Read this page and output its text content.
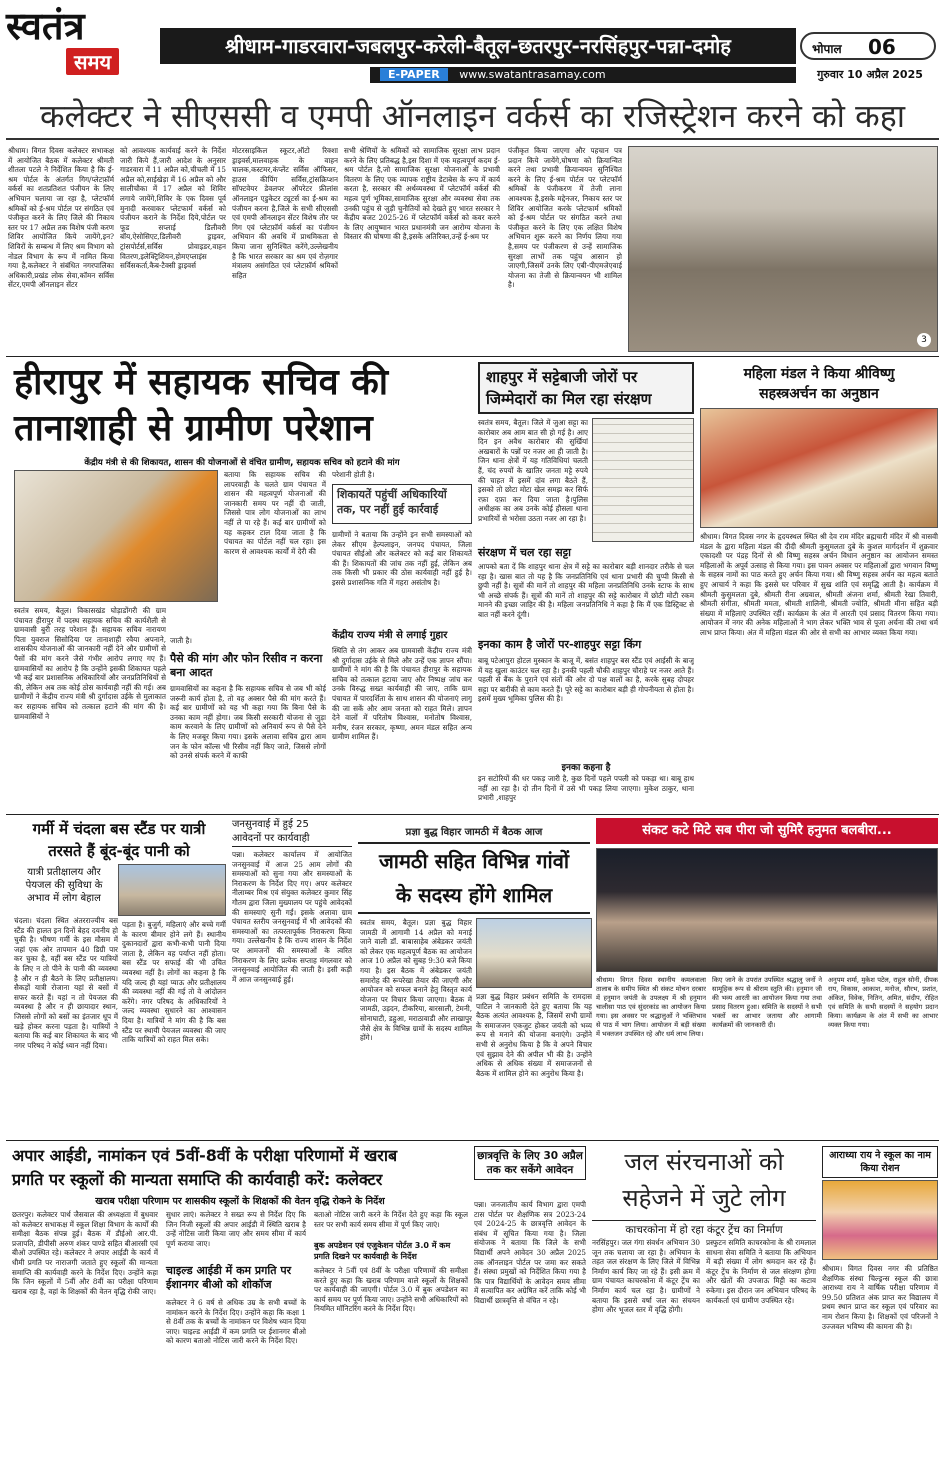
स्वतंत्र
समय
श्रीधाम-गाडरवारा-जबलपुर-करेली-बैतूल-छतरपुर-नरसिंहपुर-पन्ना-दमोह	भोपाल 06
E-PAPER www.swatantrasamay.com	गुरुवार 10 अप्रैल 2025
कलेक्टर ने सीएससी व एमपी ऑनलाइन वर्कर्स का रजिस्ट्रेशन करने को कहा
श्रीधाम। विगत दिवस कलेक्टर सभाकक्ष में आयोजित बैठक में कलेक्टर श्रीमती शीतला पटले ने निर्देशित किया है कि ई-श्रम पोर्टल के अंतर्गत गिग/प्लेटफ़ॉर्म वर्कर्स का शतप्रतिशत पंजीयन के लिए अभियान चलाया जा रहा है, प्लेटफॉर्म श्रमिकों को ई-श्रम पोर्टल पर संगठित एवं पंजीकृत करने के लिए जिले की निकाय स्तर पर 17 अप्रैल तक विशेष पंजी करण शिविर आयोजित किये जायेंगे,इन? शिविरों के सम्बन्ध में लिए श्रम विभाग को नोडल विभाग के रूप में नामित किया गया है,कलेक्टर ने संबंधित नगरपालिका अधिकारी,प्रखंड लोक सेवा,कॉमन सर्विस सेंटर,एमपी ऑनलाइन सेंटर
को आवश्यक कार्यवाई करने के निर्देश जारी किये हैं,जारी आदेश के अनुसार गाडरवारा में 11 अप्रैल को,चीचली में 15 अप्रैल को,साईखेड़ा में 16 अप्रैल को और सालीचौका में 17 अप्रैल को शिविर लगाये जायेंगे,शिविर के एक दिवस पूर्व मुनादी करवाकर प्लेटफार्म वर्कर्स को पंजीयन कराने के निर्देश दिये,पोर्टल पर फूड सप्लाई डिलीवरी बॉय,ऐसोसिएट,डिलीवरी ड्राइवर, ट्रांसपोर्टर्स,सर्विस प्रोवाइडर,वाहन वितरण,इलेक्ट्रिशियन,होमएप्लाइंस सर्विसकर्ता,कैब-टैक्सी ड्राइवर्स
मोटरसाइकिल स्कूटर,ऑटो रिक्शा ड्राइवर्स,मालवाहक के वाहन चालक,कस्टमर,कंप्लेंट सर्विस ऑफिसर, हाउस कीपिंग सर्विस,ट्रांसक्रिप्शन सॉफ्टवेयर डेवलपर ऑपरेटर फ्रीलांस ऑनलाइन एडुकेटर ट्यूटर्स का ई-श्रम का पंजीयन करना है,जिले के सभी सीएससी एवं एमपी ऑनलाइन सेंटर विशेष तौर पर गिग एवं प्लेटफ़ॉर्म वर्कर्स का पंजीयन अभियान की अवधि में प्राथमिकता से किया जाना सुनिश्चित करेंगे,उल्लेखनीय है कि भारत सरकार का श्रम एवं रोज़गार मंत्रालय असंगठित एवं प्लेटफ़ॉर्म श्रमिकों सहित
सभी श्रेणियों के श्रमिकों को सामाजिक सुरक्षा लाभ प्रदान करने के लिए प्रतिबद्ध है,इस दिशा में एक महत्वपूर्ण कदम ई-श्रम पोर्टल है,जो सामाजिक सुरक्षा योजनाओं के प्रभावी वितरण के लिए एक व्यापक राष्ट्रीय डेटाबेस के रूप में कार्य करता है, सरकार की अर्थव्यवस्था में प्लेटफॉर्म वर्कर्स की महत्व पूर्ण भूमिका,सामाजिक सुरक्षा और व्यवस्था सेवा तक उनकी पहुंच से जुड़ी चुनौतियों को देखते हुए भारत सरकार ने केंद्रीय बजट 2025-26 में प्लेटफॉर्म वर्कर्स को कवर करने के लिए आयुष्मान भारत प्रधानमंत्री जन आरोग्य योजना के विस्तार की घोषणा की है,इसके अतिरिक्त,उन्हें ई-श्रम पर
पंजीकृत किया जाएगा और पहचान पत्र प्रदान किये जायेंगे,घोषणा को क्रियान्वित करने तथा प्रभावी क्रियान्वयन सुनिश्चित करने के लिए ई-श्रम पोर्टल पर प्लेटफॉर्म श्रमिकों के पंजीकरण में तेजी लाना आवश्यक है,इसके मद्देनजर, निकाय स्तर पर शिविर आयोजित करके प्लेटफार्म श्रमिकों को ई-श्रम पोर्टल पर संगठित करने तथा पंजीकृत करने के लिए एक लक्षित विशेष अभियान शुरू करने का निर्णय लिया गया है,समय पर पंजीकरण से उन्हें सामाजिक सुरक्षा लाभों तक पहुंच आसान हो जाएगी,जिसमें उनके लिए एबी-पीएमजेएवाई योजना का तेजी से क्रियान्वयन भी शामिल है।
3
हीरापुर में सहायक सचिव की
तानाशाही से ग्रामीण परेशान
केंद्रीय मंत्री से की शिकायत, शासन की योजनाओं से वंचित ग्रामीण, सहायक सचिव को हटाने की मांग
बताया कि सहायक सचिव की लापरवाही के चलते ग्राम पंचायत में शासन की महत्वपूर्ण योजनाओं की जानकारी समय पर नहीं दी जाती, जिससे पात्र लोग योजनाओं का लाभ नहीं ले पा रहे हैं। कई बार ग्रामीणों को यह कहकर टाल दिया जाता है कि पंचायत का पोर्टल नहीं चल रहा। इस कारण से आवश्यक कार्यों में देरी की
स्वतंत्र समय, बैतूल। विकासखंड घोड़ाडोंगरी की ग्राम पंचायत हीरापुर में पदस्थ सहायक सचिव की कार्यशैली से ग्रामवासी बुरी तरह परेशान हैं। सहायक सचिव नारायण पिता युवराज सिसोदिया पर तानाशाही रवैया अपनाने, शासकीय योजनाओं की जानकारी नहीं देने और ग्रामीणों से पैसों की मांग करने जैसे गंभीर आरोप लगाए गए हैं। ग्रामवासियों का आरोप है कि उन्होंने इसकी शिकायत पहले भी कई बार प्रशासनिक अधिकारियों और जनप्रतिनिधियों से की, लेकिन अब तक कोई ठोस कार्यवाही नहीं की गई। अब ग्रामीणों ने केंद्रीय राज्य मंत्री श्री दुर्गादास उईके से मुलाकात कर सहायक सचिव को तत्काल हटाने की मांग की है। ग्रामवासियों ने
जाती है।
पैसे की मांग और फोन रिसीव न करना बना आदत
ग्रामवासियों का कहना है कि सहायक सचिव से जब भी कोई जरूरी कार्य होता है, तो वह अक्सर पैसे की मांग करते हैं। कई बार ग्रामीणों को यह भी कहा गया कि बिना पैसे के उनका काम नहीं होगा। जब किसी सरकारी योजना से जुड़ा काम करवाने के लिए ग्रामीणों को अनिवार्य रूप से पैसे देने के लिए मजबूर किया गया। इसके अलावा सचिव द्वारा आम जन के फोन कॉल्स भी रिसीव नहीं किए जाते, जिससे लोगों को उनसे संपर्क करने में काफी
परेशानी होती है।
शिकायतें पहुंचीं अधिकारियों तक, पर नहीं हुई कार्रवाई
ग्रामीणों ने बताया कि उन्होंने इन सभी समस्याओं को लेकर सीएम हेल्पलाइन, जनपद पंचायत, जिला पंचायत सीईओ और कलेक्टर को कई बार शिकायतें की हैं। शिकायतों की जांच तक नहीं हुई, लेकिन अब तक किसी भी प्रकार की ठोस कार्यवाही नहीं हुई है। इससे प्रशासनिक गति में गहरा असंतोष है।
केंद्रीय राज्य मंत्री से लगाई गुहार
स्थिति से तंग आकर अब ग्रामवासी केंद्रीय राज्य मंत्री श्री दुर्गादास उईके से मिले और उन्हें एक ज्ञापन सौंपा। ग्रामीणों ने मांग की है कि पंचायत हीरापुर के सहायक सचिव को तत्काल हटाया जाए और निष्पक्ष जांच कर उनके विरुद्ध सख्त कार्यवाही की जाए, ताकि ग्राम पंचायत में पारदर्शिता के साथ शासन की योजनाएं लागू की जा सकें और आम जनता को राहत मिले। ज्ञापन देने वालों में परितोष विश्वास, मनोतोष विश्वास, मनीष, रंजन सरकार, कृष्णा, अमन मंडल सहित अन्य ग्रामीण शामिल हैं।
शाहपुर में सट्टेबाजी जोरों पर
जिम्मेदारों का मिल रहा संरक्षण
स्वतंत्र समय, बैतूल। जिले में जुआ सट्टा का कारोबार अब आम बात सी हो गई है। आए दिन इन अवैध कारोबार की सुर्खियां अखबारों के पन्नों पर नजर आ ही जाती है। जिन थाना क्षेत्रों में यह गतिविधियां चलती हैं, चंद रुपयों के खातिर जनता मट्टे रुपये की चाहत में इसमें दांव लगा बैठते हैं, इसको तो छोटा मोटा खेल समझ कर सिर्फ रफ़ा दफ़ा कर दिया जाता है।पुलिस अधीक्षक का अब उनके कोई हौसला थाना प्रभारियों से भरोसा उठता नजर आ रहा है।
संरक्षण में चल रहा सट्टा
आपको बता दें कि शाहपुर थाना क्षेत्र में सट्टे का कारोबार बड़ी शानदार तरीके से चल रहा है। खास बात तो यह है कि जनप्रतिनिधि एवं थाना प्रभारी की चुप्पी किसी से छुपी नहीं है। सूत्रों की मानें तो शाहपुर की महिला जनप्रतिनिधि उनके स्टाफ के साथ भी अच्छे संपर्क हैं। सूत्रों की मानें तो शाहपुर की सट्टे कारोबार में छोटी मोटी रकम मानने की इच्छा जाहिर की है। महिला जनप्रतिनिधि ने कहा है कि मैं एक डिस्ट्रिक्ट से बात नहीं करने दूंगी।
इनका काम है जोरों पर-शाहपुर सट्टा किंग
बाबू पटेआपुरा होटल मुस्कान के बाजू में, बसंत शाहपुर बस स्टैंड एवं आईसी के बाजू में यह खुला काउंटर चल रहा है। इनकी पहली चौकी शाहपुर चौराहे पर नजर आते हैं। पहली से बैंक के पुराने एवं संतों की ओर दो पक्ष वालों का है, करके सुबह दोपहर सट्टा पर बारीकी से काम करते हैं। पूरे सट्टे का कारोबार बड़ी ही गोपनीयता से होता है। इसमें मुख्य भूमिका पुलिस की है।
इनका कहना है
इन सटोरियों की धर पकड़ जारी है, कुछ दिनों पहले पपली को पकड़ा था। बाबू हाथ नहीं आ रहा है। दो तीन दिनों में उसे भी पकड़ लिया जाएगा। मुकेश ठाकुर, थाना प्रभारी ,शाहपुर
महिला मंडल ने किया श्रीविष्णु
सहस्त्रअर्चन का अनुष्ठान
श्रीधाम। विगत दिवस नगर के हृदयस्थल स्थित श्री देव राम मंदिर ब्रह्मचारी मंदिर में श्री वासवी मंडल के द्वारा महिला मंडल की दीदी श्रीमती कुसुमलता दुबे के कुशल मार्गदर्शन में शुक्रवार एकादशी पर पंद्रह दिनों से श्री विष्णु सहस्त्र अर्चन विधान अनुष्ठान का आयोजन समस्त महिलाओं के अपूर्व उत्साह से किया गया। इस पावन अवसर पर महिलाओं द्वारा भगवान विष्णु के सहस्त्र नामों का पाठ करते हुए अर्चन किया गया। श्री विष्णु सहस्त्र अर्चन का महत्व बताते हुए आचार्य ने कहा कि इससे घर परिवार में सुख शांति एवं समृद्धि आती है। कार्यक्रम में श्रीमती कुसुमलता दुबे, श्रीमती रीना अग्रवाल, श्रीमती अंजना शर्मा, श्रीमती रेखा तिवारी, श्रीमती संगीता, श्रीमती ममता, श्रीमती शालिनी, श्रीमती ज्योति, श्रीमती मीना सहित बड़ी संख्या में महिलाएं उपस्थित रहीं। कार्यक्रम के अंत में आरती एवं प्रसाद वितरण किया गया। आयोजन में नगर की अनेक महिलाओं ने भाग लेकर भक्ति भाव से पूजा अर्चना की तथा धर्म लाभ प्राप्त किया। अंत में महिला मंडल की ओर से सभी का आभार व्यक्त किया गया।
गर्मी में चंदला बस स्टैंड पर यात्री
तरसते हैं बूंद-बूंद पानी को
यात्री प्रतीक्षालय और पेयजल की सुविधा के अभाव में लोग बेहाल
चंदला। चंदला स्थित अंतरराज्यीय बस स्टैंड की हालत इन दिनों बेहद दयनीय हो चुकी है। भीषण गर्मी के इस मौसम में जहां एक ओर तापमान 40 डिग्री पार कर चुका है, वहीं बस स्टैंड पर यात्रियों के लिए न तो पीने के पानी की व्यवस्था है और न ही बैठने के लिए प्रतीक्षालय। सैकड़ों यात्री रोजाना यहां से बसों में सफर करते हैं। यहां न तो पेयजल की व्यवस्था है और न ही छायादार स्थान, जिससे लोगों को बसों का इंतजार धूप में खड़े होकर करना पड़ता है। यात्रियों ने बताया कि कई बार शिकायत के बाद भी नगर परिषद ने कोई ध्यान नहीं दिया।
पड़ता है। बुजुर्ग, महिलाएं और बच्चे गर्मी के कारण बीमार होने लगे हैं। स्थानीय दुकानदारों द्वारा कभी-कभी पानी दिया जाता है, लेकिन वह पर्याप्त नहीं होता। बस स्टैंड पर सफाई की भी उचित व्यवस्था नहीं है। लोगों का कहना है कि यदि जल्द ही यहां प्याऊ और प्रतीक्षालय की व्यवस्था नहीं की गई तो वे आंदोलन करेंगे। नगर परिषद के अधिकारियों ने जल्द व्यवस्था सुधारने का आश्वासन दिया है। यात्रियों ने मांग की है कि बस स्टैंड पर स्थायी पेयजल व्यवस्था की जाए ताकि यात्रियों को राहत मिल सके।
जनसुनवाई में हुई 25
आवेदनों पर कार्यवाही
पन्ना। कलेक्टर कार्यालय में आयोजित जनसुनवाई में आज 25 आम लोगों की समस्याओं को सुना गया और समस्याओं के निराकरण के निर्देश दिए गए। अपर कलेक्टर नीलाम्बर मिश्र एवं संयुक्त कलेक्टर कुमार सिंह गौतम द्वारा जिला मुख्यालय पर पहुंचे आवेदकों की समस्याएं सुनी गईं। इसके अलावा ग्राम पंचायत स्तरीय जनसुनवाई में भी आवेदकों की समस्याओं का तत्परतापूर्वक निराकरण किया गया। उल्लेखनीय है कि राज्य शासन के निर्देश पर आमजनों की समस्याओं के त्वरित निराकरण के लिए प्रत्येक सप्ताह मंगलवार को जनसुनवाई आयोजित की जाती है। इसी कड़ी में आज जनसुनवाई हुई।
प्रज्ञा बुद्ध विहार जामठी में बैठक आज
जामठी सहित विभिन्न गांवों
के सदस्य होंगे शामिल
स्वतंत्र समय, बैतूल। प्रज्ञा बुद्ध विहार जामठी में आगामी 14 अप्रैल को मनाई जाने वाली डॉ. बाबासाहेब अंबेडकर जयंती को लेकर एक महत्वपूर्ण बैठक का आयोजन आज 10 अप्रैल को सुबह 9:30 बजे किया गया है। इस बैठक में अंबेडकर जयंती समारोह की रूपरेखा तैयार की जाएगी और आयोजन को सफल बनाने हेतु विस्तृत कार्य योजना पर विचार किया जाएगा। बैठक में जामठी, उड़दन, टीकरिया, बारसाली, टेमनी, सोनाघाटी, डहुआ, मराठावाडी और लाखापुर जैसे क्षेत्र के विभिन्न ग्रामों के सदस्य शामिल होंगे।
प्रज्ञा बुद्ध विहार प्रबंधन समिति के रामदास पाटिल ने जानकारी देते हुए बताया कि यह बैठक अत्यंत आवश्यक है, जिसमें सभी ग्रामों के समाजजन एकजुट होकर जयंती को भव्य रूप से मनाने की योजना बनाएंगे। उन्होंने सभी से अनुरोध किया है कि वे अपने विचार एवं सुझाव देने की अपील भी की है। उन्होंने अधिक से अधिक संख्या में समाजजनों से बैठक में शामिल होने का अनुरोध किया है।
संकट कटे मिटे सब पीरा जो सुमिरै हनुमत बलबीरा...
श्रीधाम। विगत दिवस स्थानीय कमलवाला तालाब के समीप स्थित श्री संकट मोचन दरबार में हनुमान जयंती के उपलक्ष्य में श्री हनुमान चालीसा पाठ एवं सुंदरकांड का आयोजन किया गया। इस अवसर पर श्रद्धालुओं ने भक्तिभाव से पाठ में भाग लिया। आयोजन में बड़ी संख्या में भक्तजन उपस्थित रहे और धर्म लाभ लिया।
किए जाने के उपरांत उपस्थित श्रद्धालु जनों ने सामूहिक रूप से श्रीराम स्तुति की। हनुमान जी की भव्य आरती का आयोजन किया गया तथा प्रसाद वितरण हुआ। समिति के सदस्यों ने सभी भक्तों का आभार जताया और आगामी कार्यक्रमों की जानकारी दी।
अनुपम शर्मा, मुकेश पटेल, राहुल सोनी, दीपक राय, विकास, आकाश, मनोज, सौरभ, प्रशांत, अंकित, विवेक, नितिन, अमित, संदीप, रोहित एवं समिति के सभी सदस्यों ने सहयोग प्रदान किया। कार्यक्रम के अंत में सभी का आभार व्यक्त किया गया।
अपार आईडी, नामांकन एवं 5वीं-8वीं के परीक्षा परिणामों में खराब
प्रगति पर स्कूलों की मान्यता समाप्ति की कार्यवाही करें: कलेक्टर
खराब परीक्षा परिणाम पर शासकीय स्कूलों के शिक्षकों की वेतन वृद्धि रोकने के निर्देश
छतरपुर। कलेक्टर पार्थ जैसवाल की अध्यक्षता में बुधवार को कलेक्टर सभाकक्ष में स्कूल शिक्षा विभाग के कार्यों की समीक्षा बैठक संपन्न हुई। बैठक में डीईओ आर.पी. प्रजापति, डीपीसी अरुण शंकर पाण्डे सहित बीआरसी एवं बीओ उपस्थित रहे। कलेक्टर ने अपार आईडी के कार्य में धीमी प्रगति पर नाराजगी जताते हुए स्कूलों की मान्यता समाप्ति की कार्यवाही करने के निर्देश दिए। उन्होंने कहा कि जिन स्कूलों में 5वीं और 8वीं का परीक्षा परिणाम खराब रहा है, वहां के शिक्षकों की वेतन वृद्धि रोकी जाए।
सुधार लाएं। कलेक्टर ने सख्त रूप से निर्देश दिए कि जिन निजी स्कूलों की अपार आईडी में स्थिति खराब है उन्हें नोटिस जारी किया जाए और समय सीमा में कार्य पूर्ण कराया जाए।
चाइल्ड आईडी में कम प्रगति पर ईशानगर बीओ को शोकॉज
कलेक्टर ने 6 वर्ष से अधिक उम्र के सभी बच्चों के नामांकन करने के निर्देश दिए। उन्होंने कहा कि कक्षा 1 से 8वीं तक के बच्चों के नामांकन पर विशेष ध्यान दिया जाए। चाइल्ड आईडी में कम प्रगति पर ईशानगर बीओ को कारण बताओ नोटिस जारी करने के निर्देश दिए।
बताओ नोटिस जारी करने के निर्देश देते हुए कहा कि स्कूल स्तर पर सभी कार्य समय सीमा में पूर्ण किए जाएं।
बुक अपडेशन एवं एजुकेशन पोर्टल 3.0 में कम प्रगति दिखने पर कार्यवाही के निर्देश
कलेक्टर ने 5वीं एवं 8वीं के परीक्षा परिणामों की समीक्षा करते हुए कहा कि खराब परिणाम वाले स्कूलों के शिक्षकों पर कार्यवाही की जाएगी। पोर्टल 3.0 में बुक अपडेशन का कार्य समय पर पूर्ण किया जाए। उन्होंने सभी अधिकारियों को नियमित मॉनिटरिंग करने के निर्देश दिए।
छात्रवृत्ति के लिए 30 अप्रैल तक कर सकेंगे आवेदन
पन्ना। जनजातीय कार्य विभाग द्वारा एमपी टास पोर्टल पर शैक्षणिक सत्र 2023-24 एवं 2024-25 के छात्रवृत्ति आवेदन के संबंध में सूचित किया गया है। जिला संयोजक ने बताया कि जिले के सभी विद्यार्थी अपने आवेदन 30 अप्रैल 2025 तक ऑनलाइन पोर्टल पर जमा कर सकते हैं। संस्था प्रमुखों को निर्देशित किया गया है कि पात्र विद्यार्थियों के आवेदन समय सीमा में सत्यापित कर अग्रेषित करें ताकि कोई भी विद्यार्थी छात्रवृत्ति से वंचित न रहे।
जल संरचनाओं को
सहेजने में जुटे लोग
काचरकोना में हो रहा कंटूर ट्रेंच का निर्माण
नरसिंहपुर। जल गंगा संवर्धन अभियान 30 जून तक चलाया जा रहा है। अभियान के तहत जल संरक्षण के लिए जिले में विभिन्न निर्माण कार्य किए जा रहे हैं। इसी क्रम में ग्राम पंचायत काचरकोना में कंटूर ट्रेंच का निर्माण कार्य चल रहा है। ग्रामीणों ने बताया कि इससे वर्षा जल का संचयन होगा और भूजल स्तर में वृद्धि होगी।
प्रस्फुटन समिति काचरकोना के श्री रामलाल साधना सेवा समिति ने बताया कि अभियान में बड़ी संख्या में लोग श्रमदान कर रहे हैं। कंटूर ट्रेंच के निर्माण से जल संरक्षण होगा और खेतों की उपजाऊ मिट्टी का कटाव रुकेगा। इस दौरान जन अभियान परिषद के कार्यकर्ता एवं ग्रामीण उपस्थित रहे।
आराध्या राय ने स्कूल का नाम किया रोशन
श्रीधाम। विगत दिवस नगर की प्रतिष्ठित शैक्षणिक संस्था चिल्ड्रन्स स्कूल की छात्रा आराध्या राय ने वार्षिक परीक्षा परिणाम में 99.50 प्रतिशत अंक प्राप्त कर विद्यालय में प्रथम स्थान प्राप्त कर स्कूल एवं परिवार का नाम रोशन किया है। शिक्षकों एवं परिजनों ने उज्जवल भविष्य की कामना की है।
